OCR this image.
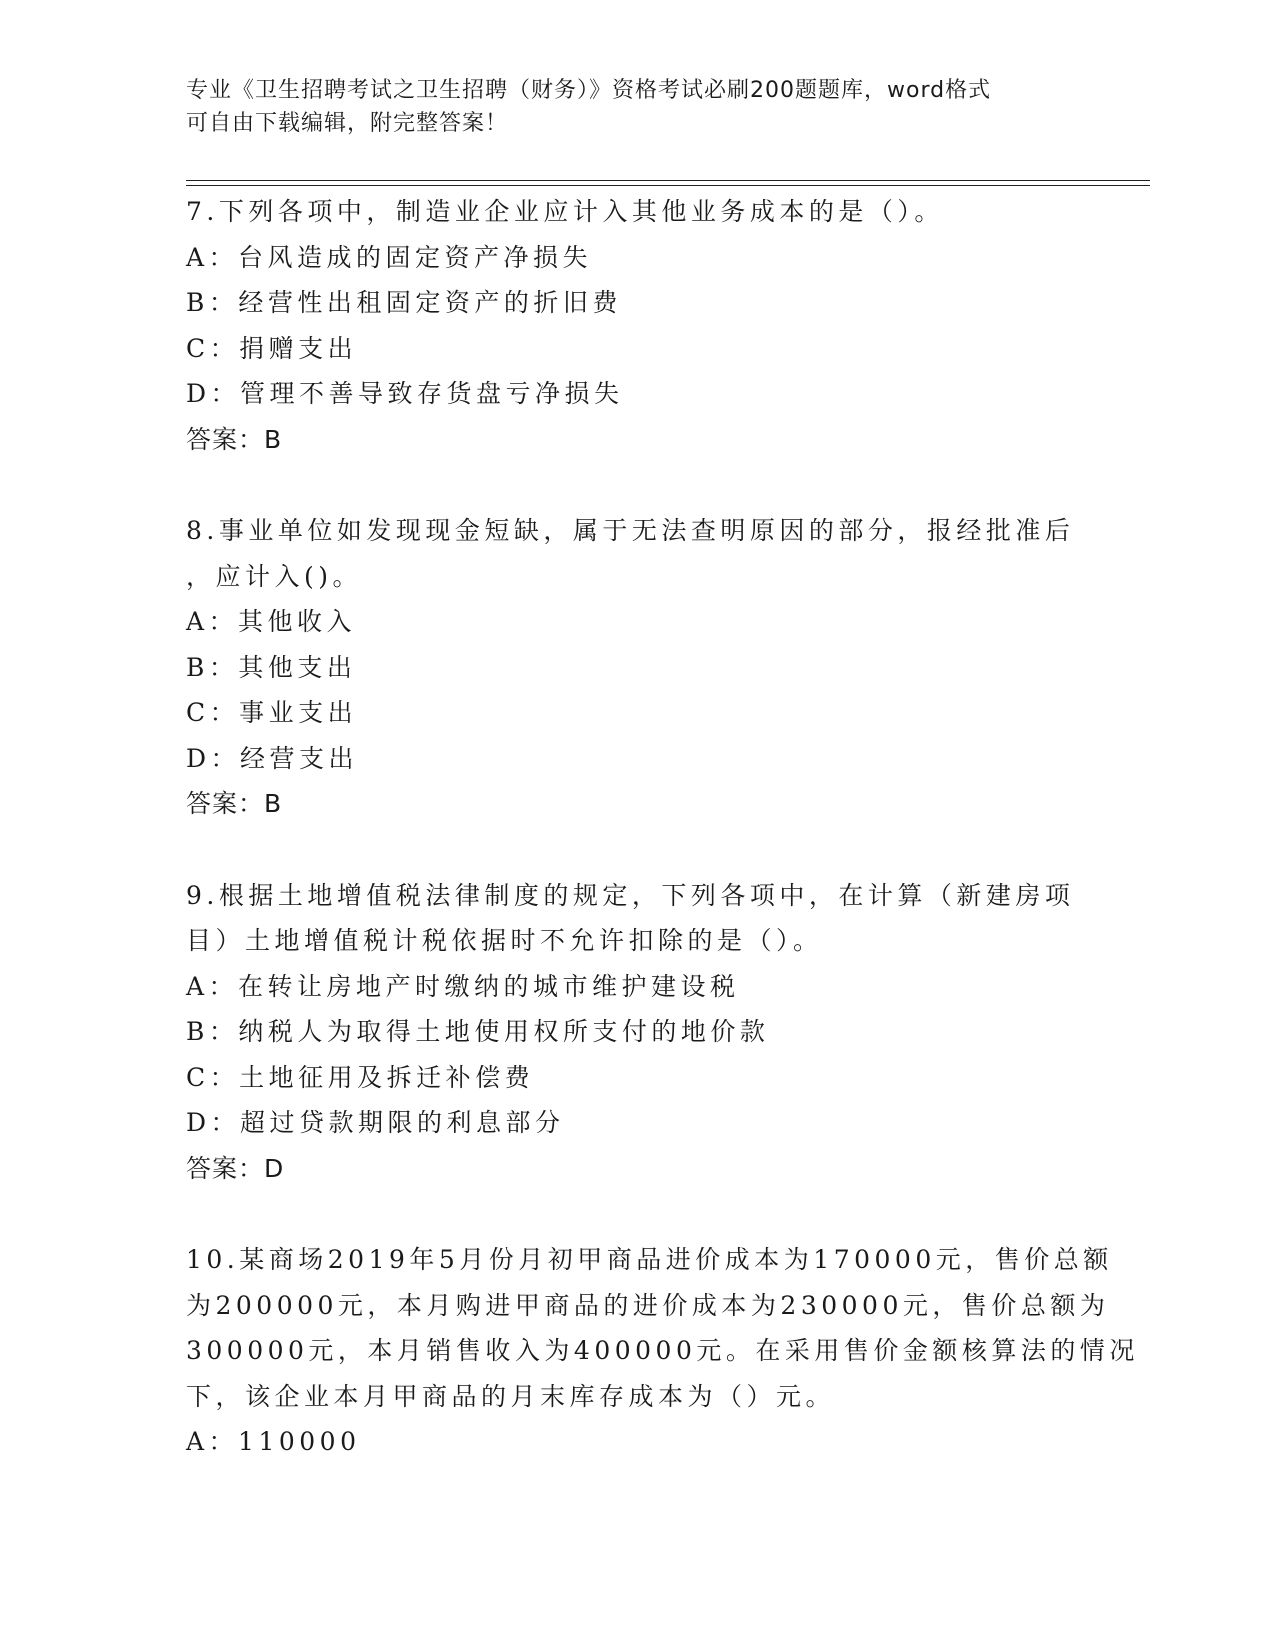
专业《卫生招聘考试之卫生招聘（财务）》资格考试必刷200题题库，word格式
可自由下载编辑，附完整答案！
7.下列各项中，制造业企业应计入其他业务成本的是（）。
A：台风造成的固定资产净损失
B：经营性出租固定资产的折旧费
C：捐赠支出
D：管理不善导致存货盘亏净损失
答案：B
8.事业单位如发现现金短缺，属于无法查明原因的部分，报经批准后
，应计入()。
A：其他收入
B：其他支出
C：事业支出
D：经营支出
答案：B
9.根据土地增值税法律制度的规定，下列各项中，在计算（新建房项
目）土地增值税计税依据时不允许扣除的是（）。
A：在转让房地产时缴纳的城市维护建设税
B：纳税人为取得土地使用权所支付的地价款
C：土地征用及拆迁补偿费
D：超过贷款期限的利息部分
答案：D
10.某商场2019年5月份月初甲商品进价成本为170000元，售价总额
为200000元，本月购进甲商品的进价成本为230000元，售价总额为
300000元，本月销售收入为400000元。在采用售价金额核算法的情况
下，该企业本月甲商品的月末库存成本为（）元。
A：110000
